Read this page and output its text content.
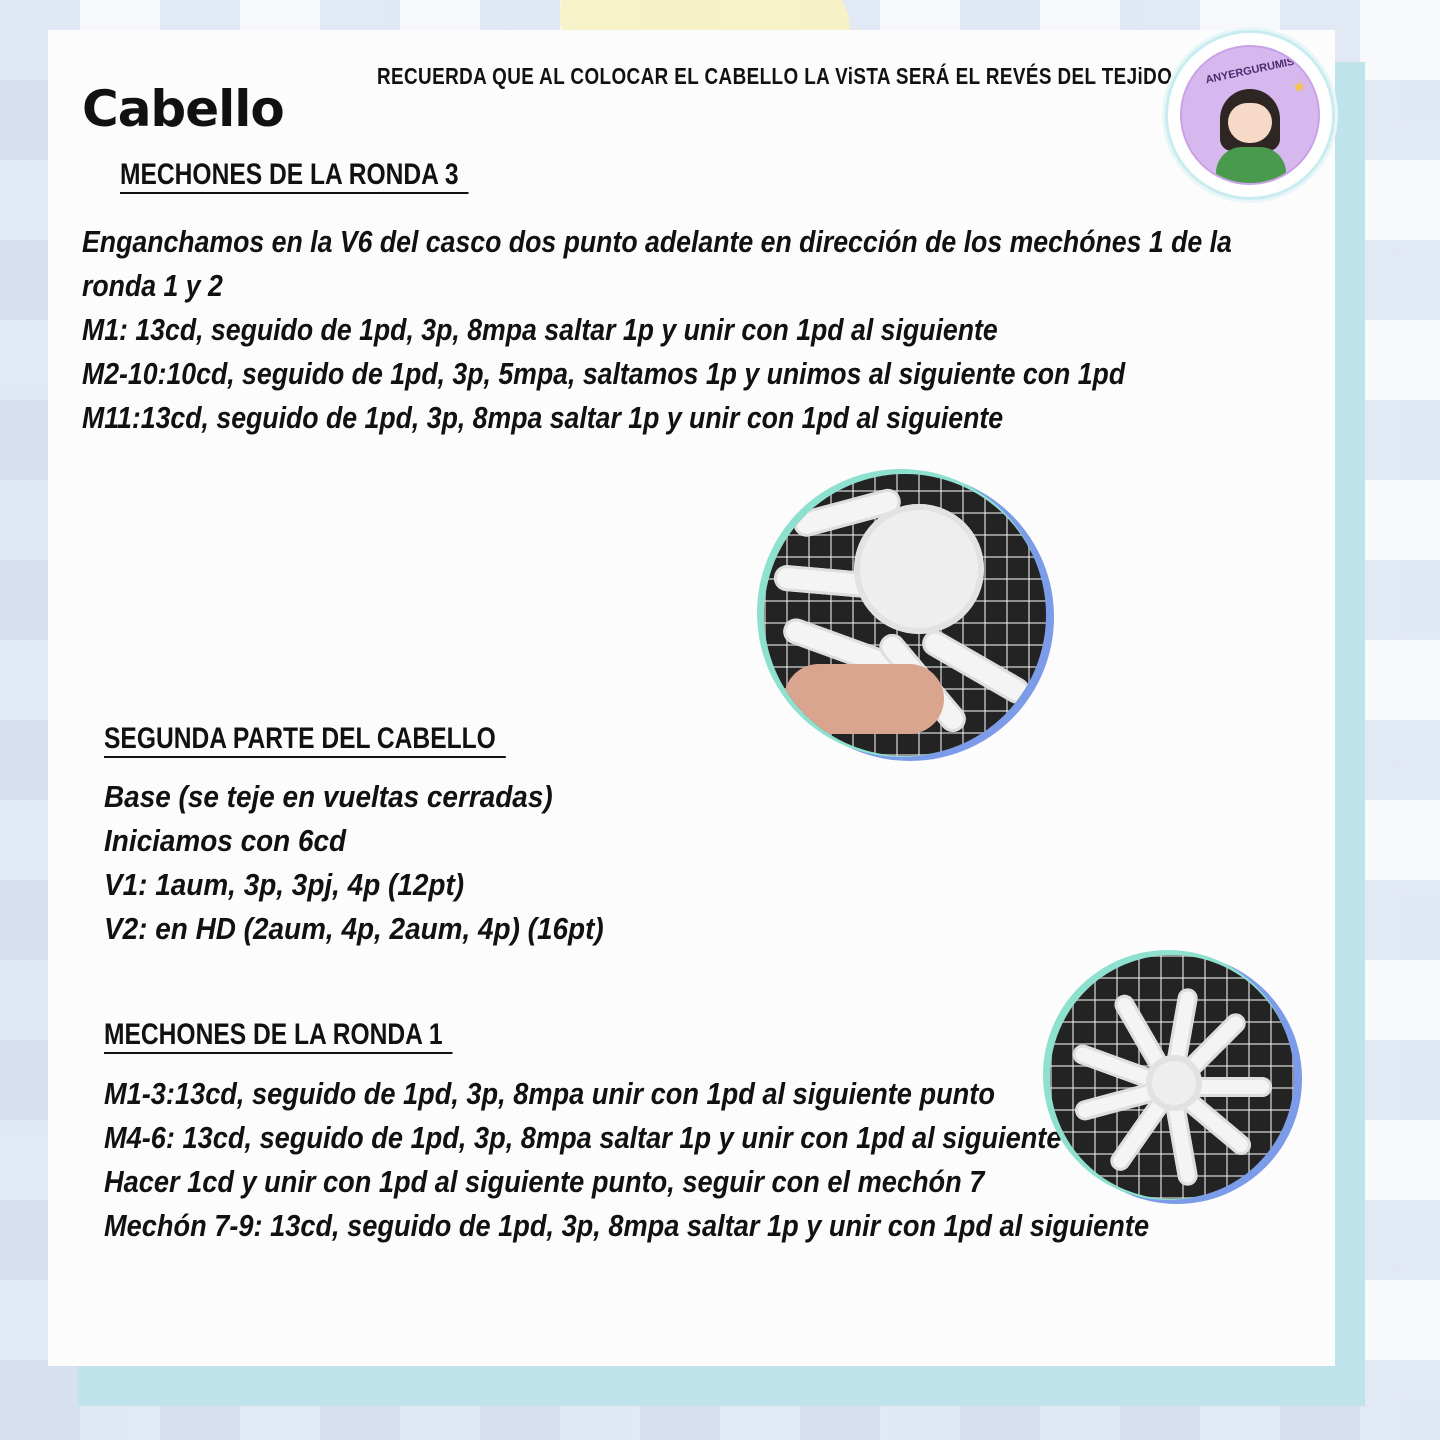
Cabello
RECUERDA QUE AL COLOCAR EL CABELLO LA ViSTA SERÁ EL REVÉS DEL TEJiDO	ANYERGURUMIS
★
MECHONES DE LA RONDA 3
Enganchamos en la V6 del casco dos punto adelante en dirección de los mechónes 1 de la
ronda 1 y 2
M1: 13cd, seguido de 1pd, 3p, 8mpa saltar 1p y unir con 1pd al siguiente
M2-10:10cd, seguido de 1pd, 3p, 5mpa, saltamos 1p y unimos al siguiente con 1pd
M11:13cd, seguido de 1pd, 3p, 8mpa saltar 1p y unir con 1pd al siguiente
SEGUNDA PARTE DEL CABELLO
Base (se teje en vueltas cerradas)
Iniciamos con 6cd
V1: 1aum, 3p, 3pj, 4p (12pt)
V2: en HD (2aum, 4p, 2aum, 4p) (16pt)
MECHONES DE LA RONDA 1
M1-3:13cd, seguido de 1pd, 3p, 8mpa unir con 1pd al siguiente punto
M4-6: 13cd, seguido de 1pd, 3p, 8mpa saltar 1p y unir con 1pd al siguiente
Hacer 1cd y unir con 1pd al siguiente punto, seguir con el mechón 7
Mechón 7-9: 13cd, seguido de 1pd, 3p, 8mpa saltar 1p y unir con 1pd al siguiente
